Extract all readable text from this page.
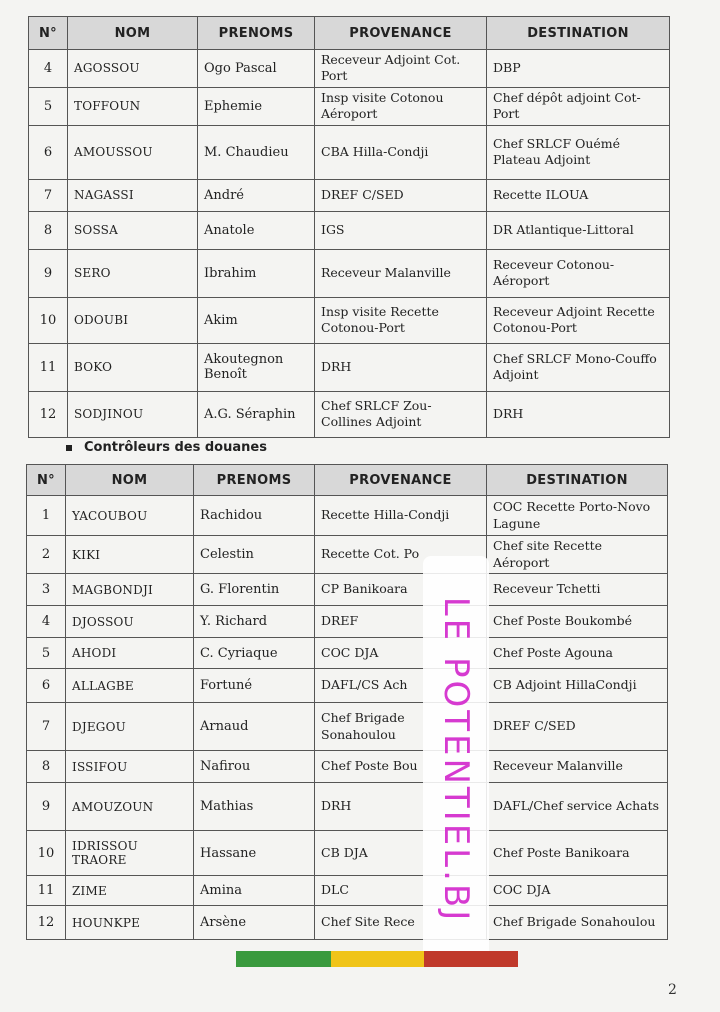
N°	NOM	PRENOMS	PROVENANCE	DESTINATION
4	AGOSSOU	Ogo Pascal	Receveur Adjoint Cot. Port	DBP
5	TOFFOUN	Ephemie	Insp visite Cotonou Aéroport	Chef dépôt adjoint Cot-Port
6	AMOUSSOU	M. Chaudieu	CBA Hilla-Condji	Chef SRLCF Ouémé Plateau Adjoint
7	NAGASSI	André	DREF C/SED	Recette ILOUA
8	SOSSA	Anatole	IGS	DR Atlantique-Littoral
9	SERO	Ibrahim	Receveur Malanville	Receveur Cotonou-Aéroport
10	ODOUBI	Akim	Insp visite Recette Cotonou-Port	Receveur Adjoint Recette Cotonou-Port
11	BOKO	Akoutegnon Benoît	DRH	Chef SRLCF Mono-Couffo Adjoint
12	SODJINOU	A.G. Séraphin	Chef SRLCF Zou-Collines Adjoint	DRH
Contrôleurs des douanes
N°	NOM	PRENOMS	PROVENANCE	DESTINATION
1	YACOUBOU	Rachidou	Recette Hilla-Condji	COC Recette Porto-Novo Lagune
2	KIKI	Celestin	Recette Cot. Po	Chef site Recette Aéroport
3	MAGBONDJI	G. Florentin	CP Banikoara	Receveur Tchetti
4	DJOSSOU	Y. Richard	DREF	Chef Poste Boukombé
5	AHODI	C. Cyriaque	COC DJA	Chef Poste Agouna
6	ALLAGBE	Fortuné	DAFL/CS Ach	CB Adjoint HillaCondji
7	DJEGOU	Arnaud	Chef Brigade Sonahoulou	DREF C/SED
8	ISSIFOU	Nafirou	Chef Poste Bou	Receveur Malanville
9	AMOUZOUN	Mathias	DRH	DAFL/Chef service Achats
10	IDRISSOU TRAORE	Hassane	CB DJA	Chef Poste Banikoara
11	ZIME	Amina	DLC	COC DJA
12	HOUNKPE	Arsène	Chef Site Rece	Chef Brigade Sonahoulou
LE POTENTIEL.BJ
2
